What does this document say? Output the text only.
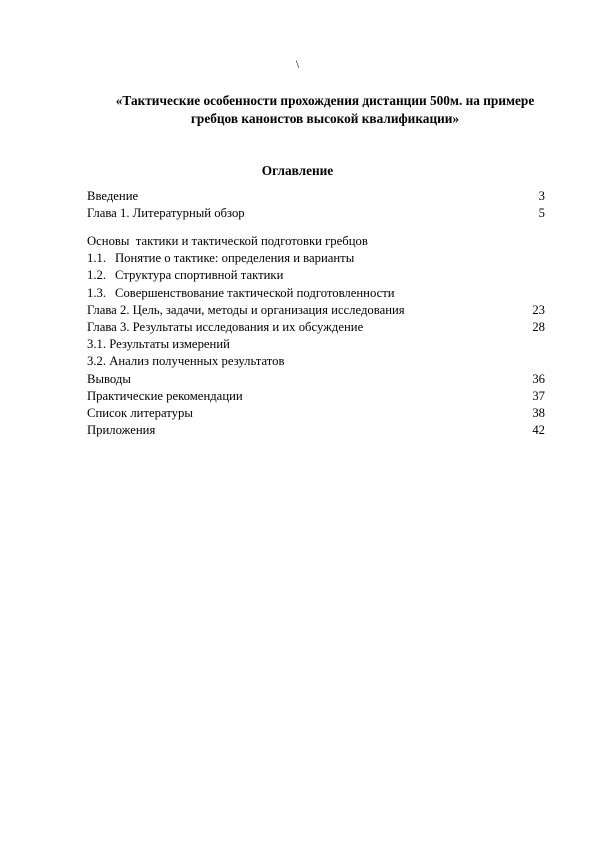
\
«Тактические особенности прохождения дистанции 500м. на примере
гребцов каноистов высокой квалификации»
Оглавление
Введение	3
Глава 1. Литературный обзор	5
Основы  тактики и тактической подготовки гребцов
1.1. Понятие о тактике: определения и варианты
1.2. Структура спортивной тактики
1.3. Совершенствование тактической подготовленности
Глава 2. Цель, задачи, методы и организация исследования	23
Глава 3. Результаты исследования и их обсуждение	28
3.1. Результаты измерений
3.2. Анализ полученных результатов
Выводы	36
Практические рекомендации	37
Список литературы	38
Приложения	42
